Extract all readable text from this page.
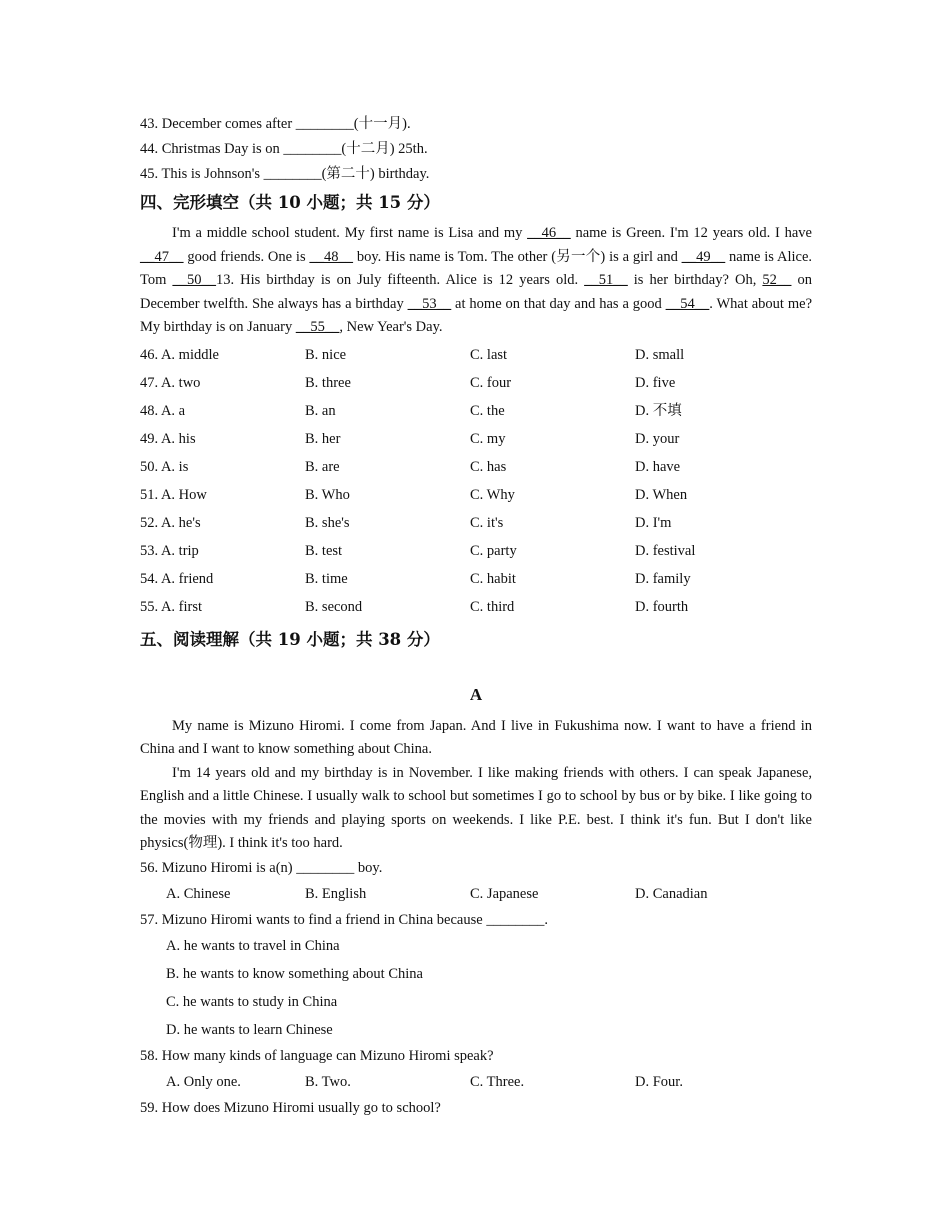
43. December comes after ________(十一月).
44. Christmas Day is on ________(十二月) 25th.
45. This is Johnson's ________(第二十) birthday.
四、完形填空（共 10 小题；共 15 分）
I'm a middle school student. My first name is Lisa and my __46__ name is Green. I'm 12 years old. I have __47__ good friends. One is __48__ boy. His name is Tom. The other (另一个) is a girl and __49__ name is Alice. Tom __50__13. His birthday is on July fifteenth. Alice is 12 years old. __51__ is her birthday? Oh, 52__ on December twelfth. She always has a birthday __53__ at home on that day and has a good __54__. What about me? My birthday is on January __55__, New Year's Day.
46. A. middle	B. nice	C. last	D. small
47. A. two	B. three	C. four	D. five
48. A. a	B. an	C. the	D. 不填
49. A. his	B. her	C. my	D. your
50. A. is	B. are	C. has	D. have
51. A. How	B. Who	C. Why	D. When
52. A. he's	B. she's	C. it's	D. I'm
53. A. trip	B. test	C. party	D. festival
54. A. friend	B. time	C. habit	D. family
55. A. first	B. second	C. third	D. fourth
五、阅读理解（共 19 小题；共 38 分）
A

My name is Mizuno Hiromi. I come from Japan. And I live in Fukushima now. I want to have a friend in China and I want to know something about China.

I'm 14 years old and my birthday is in November. I like making friends with others. I can speak Japanese, English and a little Chinese. I usually walk to school but sometimes I go to school by bus or by bike. I like going to the movies with my friends and playing sports on weekends. I like P.E. best. I think it's fun. But I don't like physics(物理). I think it's too hard.

56. Mizuno Hiromi is a(n) ________ boy.
A. Chinese	B. English	C. Japanese	D. Canadian
57. Mizuno Hiromi wants to find a friend in China because ________.
A. he wants to travel in China
B. he wants to know something about China
C. he wants to study in China
D. he wants to learn Chinese
58. How many kinds of language can Mizuno Hiromi speak?
A. Only one.	B. Two.	C. Three.	D. Four.
59. How does Mizuno Hiromi usually go to school?
